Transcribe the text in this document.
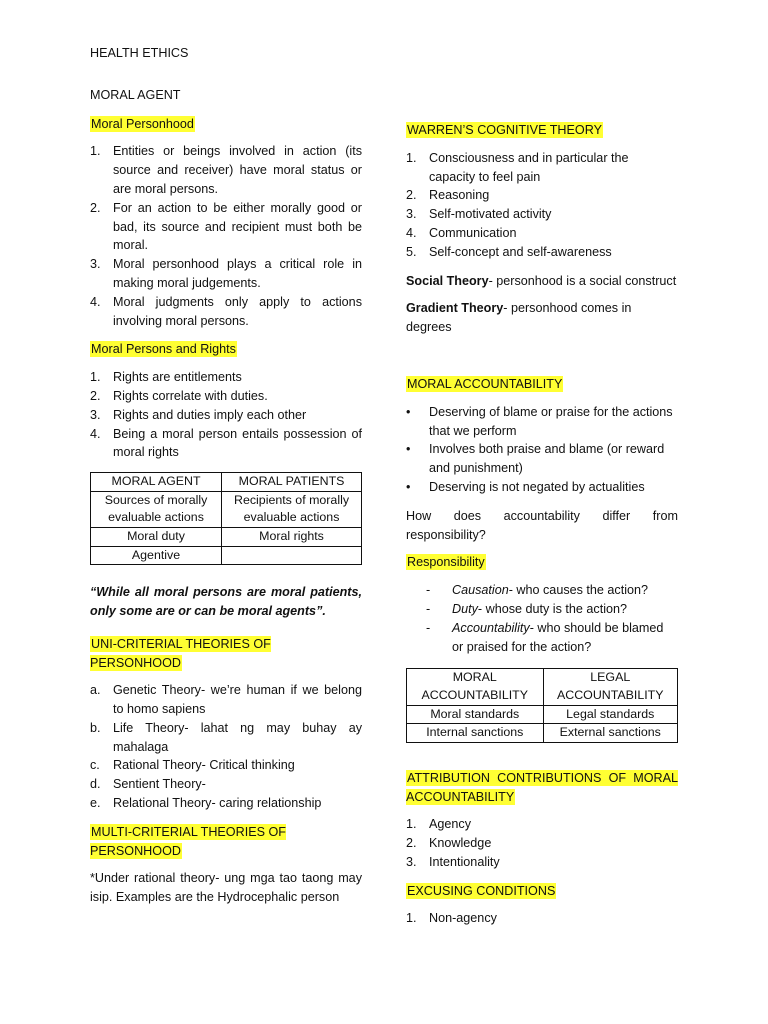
HEALTH ETHICS

MORAL AGENT

Moral Personhood

1. Entities or beings involved in action (its source and receiver) have moral status or are moral persons.
2. For an action to be either morally good or bad, its source and recipient must both be moral.
3. Moral personhood plays a critical role in making moral judgements.
4. Moral judgments only apply to actions involving moral persons.

Moral Persons and Rights

1. Rights are entitlements
2. Rights correlate with duties.
3. Rights and duties imply each other
4. Being a moral person entails possession of moral rights
MORAL AGENT	MORAL PATIENTS
Sources of morally evaluable actions	Recipients of morally evaluable actions
Moral duty	Moral rights
Agentive	

“While all moral persons are moral patients, only some are or can be moral agents”.

UNI-CRITERIAL THEORIES OF PERSONHOOD

a. Genetic Theory- we’re human if we belong to homo sapiens
b. Life Theory- lahat ng may buhay ay mahalaga
c. Rational Theory- Critical thinking
d. Sentient Theory-
e. Relational Theory- caring relationship

MULTI-CRITERIAL THEORIES OF PERSONHOOD

*Under rational theory- ung mga tao taong may isip. Examples are the Hydrocephalic person

WARREN’S COGNITIVE THEORY

1. Consciousness and in particular the capacity to feel pain
2. Reasoning
3. Self-motivated activity
4. Communication
5. Self-concept and self-awareness

Social Theory- personhood is a social construct

Gradient Theory- personhood comes in degrees

MORAL ACCOUNTABILITY

• Deserving of blame or praise for the actions that we perform
• Involves both praise and blame (or reward and punishment)
• Deserving is not negated by actualities

How does accountability differ from responsibility?

Responsibility

- Causation- who causes the action?
- Duty- whose duty is the action?
- Accountability- who should be blamed or praised for the action?
MORAL ACCOUNTABILITY	LEGAL ACCOUNTABILITY
Moral standards	Legal standards
Internal sanctions	External sanctions

ATTRIBUTION CONTRIBUTIONS OF MORAL ACCOUNTABILITY

1. Agency
2. Knowledge
3. Intentionality

EXCUSING CONDITIONS

1. Non-agency
